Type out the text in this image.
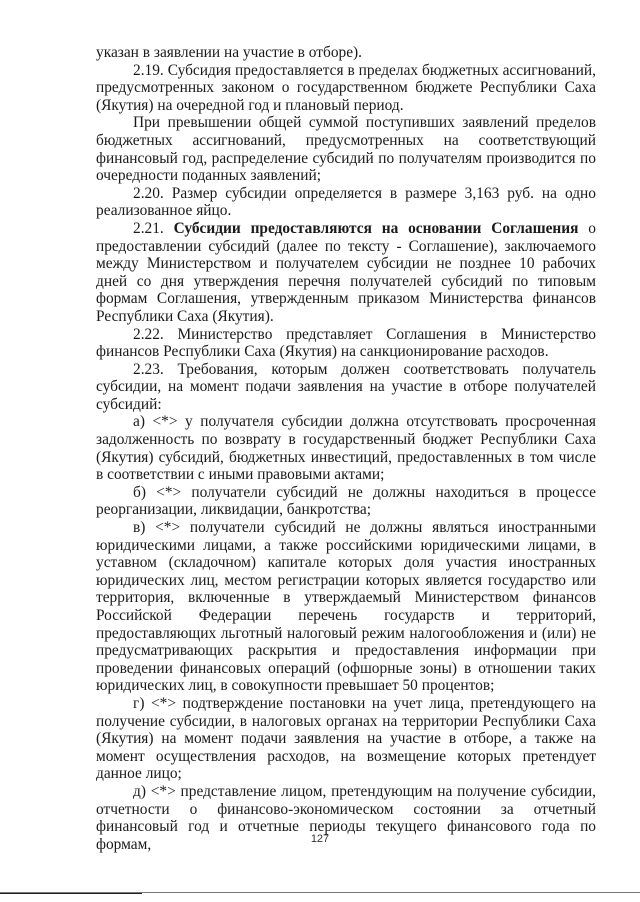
указан в заявлении на участие в отборе).

2.19. Субсидия предоставляется в пределах бюджетных ассигнований, предусмотренных законом о государственном бюджете Республики Саха (Якутия) на очередной год и плановый период.

При превышении общей суммой поступивших заявлений пределов бюджетных ассигнований, предусмотренных на соответствующий финансовый год, распределение субсидий по получателям производится по очередности поданных заявлений;

2.20. Размер субсидии определяется в размере 3,163 руб. на одно реализованное яйцо.

2.21. Субсидии предоставляются на основании Соглашения о предоставлении субсидий (далее по тексту - Соглашение), заключаемого между Министерством и получателем субсидии не позднее 10 рабочих дней со дня утверждения перечня получателей субсидий по типовым формам Соглашения, утвержденным приказом Министерства финансов Республики Саха (Якутия).

2.22. Министерство представляет Соглашения в Министерство финансов Республики Саха (Якутия) на санкционирование расходов.

2.23. Требования, которым должен соответствовать получатель субсидии, на момент подачи заявления на участие в отборе получателей субсидий:

а) <*> у получателя субсидии должна отсутствовать просроченная задолженность по возврату в государственный бюджет Республики Саха (Якутия) субсидий, бюджетных инвестиций, предоставленных в том числе в соответствии с иными правовыми актами;

б) <*> получатели субсидий не должны находиться в процессе реорганизации, ликвидации, банкротства;

в) <*> получатели субсидий не должны являться иностранными юридическими лицами, а также российскими юридическими лицами, в уставном (складочном) капитале которых доля участия иностранных юридических лиц, местом регистрации которых является государство или территория, включенные в утверждаемый Министерством финансов Российской Федерации перечень государств и территорий, предоставляющих льготный налоговый режим налогообложения и (или) не предусматривающих раскрытия и предоставления информации при проведении финансовых операций (офшорные зоны) в отношении таких юридических лиц, в совокупности превышает 50 процентов;

г) <*> подтверждение постановки на учет лица, претендующего на получение субсидии, в налоговых органах на территории Республики Саха (Якутия) на момент подачи заявления на участие в отборе, а также на момент осуществления расходов, на возмещение которых претендует данное лицо;

д) <*> представление лицом, претендующим на получение субсидии, отчетности о финансово-экономическом состоянии за отчетный финансовый год и отчетные периоды текущего финансового года по формам,	127
